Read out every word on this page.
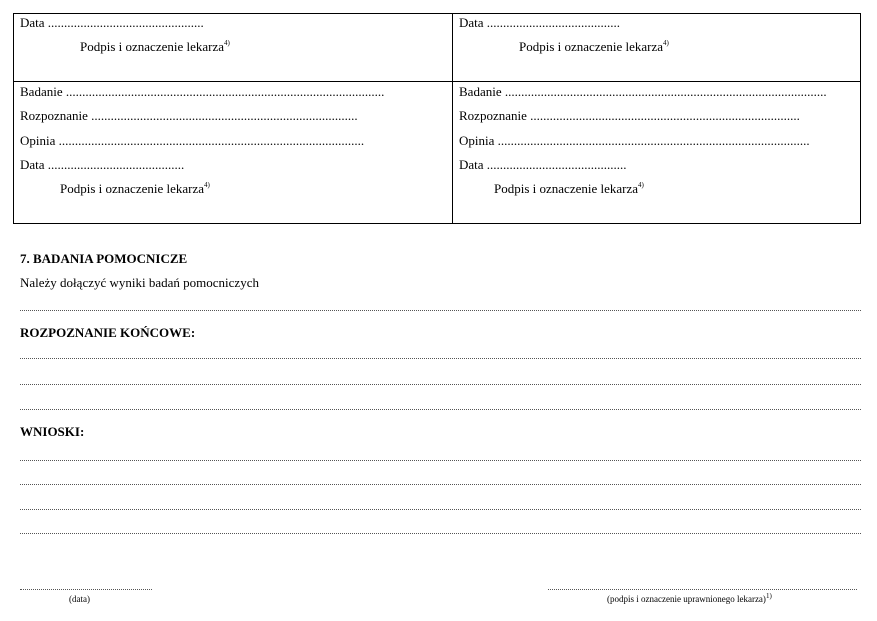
Data ................................................
Podpis i oznaczenie lekarza$^{4)}$
Data .........................................
Podpis i oznaczenie lekarza$^{4)}$
Badanie ..................................................................................................
Rozpoznanie ..................................................................................
Opinia ..............................................................................................
Data ..........................................
Podpis i oznaczenie lekarza$^{4)}$
Badanie ...................................................................................................
Rozpoznanie ...................................................................................
Opinia ................................................................................................
Data ...........................................
Podpis i oznaczenie lekarza$^{4)}$
7. BADANIA POMOCNICZE
Należy dołączyć wyniki badań pomocniczych
ROZPOZNANIE KOŃCOWE:
WNIOSKI:
(data)	(podpis i oznaczenie uprawnionego lekarza)$^{1)}$
